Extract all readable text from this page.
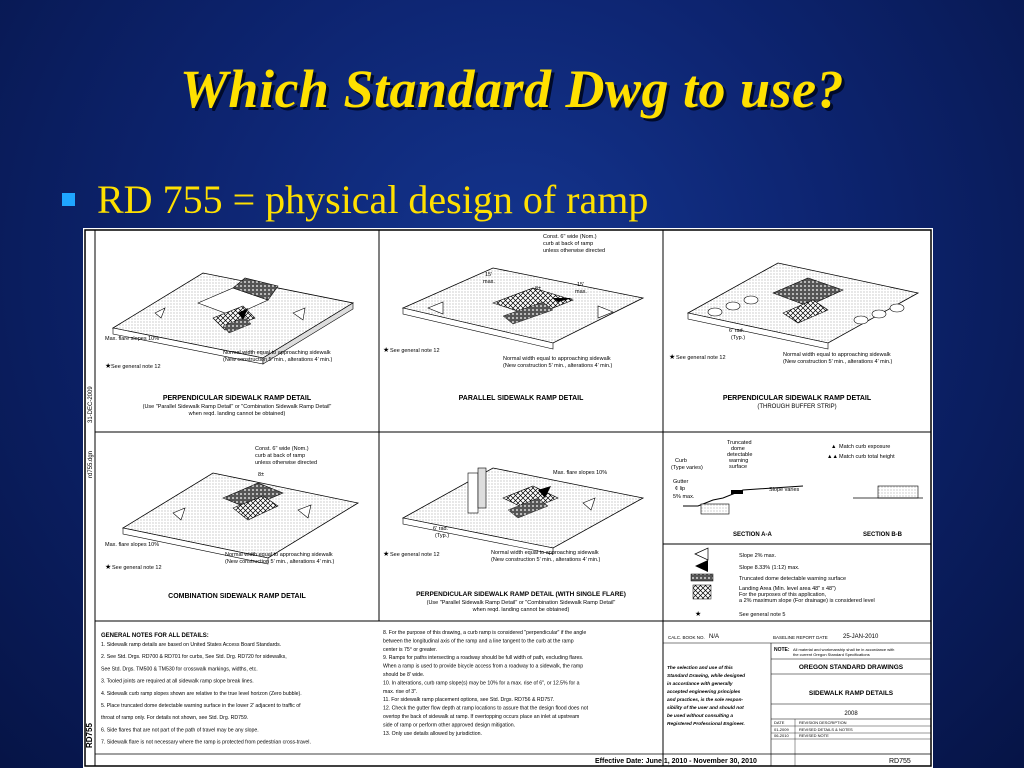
Which Standard Dwg to use?
RD 755 = physical design of ramp
31-DEC-2009
rd755.dgn
RD755
Max. flare slopes 10%
Normal width equal to approaching sidewalk
(New construction 5' min., alterations 4' min.)
See general note 12
★
PERPENDICULAR SIDEWALK RAMP DETAIL
(Use "Parallel Sidewalk Ramp Detail" or "Combination Sidewalk Ramp Detail"
when reqd. landing cannot be obtained)
Const. 6" wide (Nom.)
curb at back of ramp
unless otherwise directed
15'
max.	15'
max.
8±
★ See general note 12
Normal width equal to approaching sidewalk
(New construction 5' min., alterations 4' min.)
PARALLEL SIDEWALK RAMP DETAIL
6' rad.
(Typ.)
★ See general note 12	Normal width equal to approaching sidewalk
(New construction 5' min., alterations 4' min.)
PERPENDICULAR SIDEWALK RAMP DETAIL
(THROUGH BUFFER STRIP)
Const. 6" wide (Nom.)
curb at back of ramp
unless otherwise directed
8±
Max. flare slopes 10%
Normal width equal to approaching sidewalk
(New construction 5' min., alterations 4' min.)
★ See general note 12
COMBINATION SIDEWALK RAMP DETAIL
Max. flare slopes 10%
6' rad.
(Typ.)
★ See general note 12	Normal width equal to approaching sidewalk
(New construction 5' min., alterations 4' min.)
PERPENDICULAR SIDEWALK RAMP DETAIL (WITH SINGLE FLARE)
(Use "Parallel Sidewalk Ramp Detail" or "Combination Sidewalk Ramp Detail"
when reqd. landing cannot be obtained)
Truncated
dome
detectable
warning
surface
Curb
(Type varies)
Gutter
¢ lip
5% max.
Slope varies
SECTION A-A
Match curb exposure
Match curb total height
▲
▲▲
SECTION B-B
Slope 2% max.
Slope 8.33% (1:12) max.
Truncated dome detectable warning surface
Landing Area (Min. level area 48" x 48")
For the purposes of this application,
a 2% maximum slope (For drainage) is considered level
★	See general note 5
GENERAL NOTES FOR ALL DETAILS:
1. Sidewalk ramp details are based on United States Access Board Standards.
2. See Std. Drgs. RD700 & RD701 for curbs, See Std. Drg. RD720 for sidewalks,
See Std. Drgs. TM500 & TM530 for crosswalk markings, widths, etc.
3. Tooled joints are required at all sidewalk ramp slope break lines.
4. Sidewalk curb ramp slopes shown are relative to the true level horizon (Zero bubble).
5. Place truncated dome detectable warning surface in the lower 2' adjacent to traffic of
throat of ramp only. For details not shown, see Std. Drg. RD759.
6. Side flares that are not part of the path of travel may be any slope.
7. Sidewalk flare is not necessary where the ramp is protected from pedestrian cross-travel.
8. For the purpose of this drawing, a curb ramp is considered "perpendicular" if the angle
between the longitudinal axis of the ramp and a line tangent to the curb at the ramp
center is 75° or greater.
9. Ramps for paths intersecting a roadway should be full width of path, excluding flares.
When a ramp is used to provide bicycle access from a roadway to a sidewalk, the ramp
should be 8' wide.
10. In alterations, curb ramp slope(s) may be 10% for a max. rise of 6", or 12.5% for a
max. rise of 3".
11. For sidewalk ramp placement options, see Std. Drgs. RD756 & RD757.
12. Check the gutter flow depth at ramp locations to assure that the design flood does not
overtop the back of sidewalk at ramp. If overtopping occurs place an inlet at upstream
side of ramp or perform other approved design mitigation.
13. Only use details allowed by jurisdiction.
CALC. BOOK NO. N/A	BASELINE REPORT DATE	25-JAN-2010
NOTE: All material and workmanship shall be in accordance with
the current Oregon Standard Specifications
OREGON STANDARD DRAWINGS
SIDEWALK RAMP DETAILS
2008
DATE	REVISION DESCRIPTION
01-2009	REVISED DETAILS & NOTES
06-2010	REVISED NOTE
The selection and use of this
Standard Drawing, while designed
in accordance with generally
accepted engineering principles
and practices, is the sole respon-
sibility of the user and should not
be used without consulting a
Registered Professional Engineer.
Effective Date: June 1, 2010 - November 30, 2010	RD755
